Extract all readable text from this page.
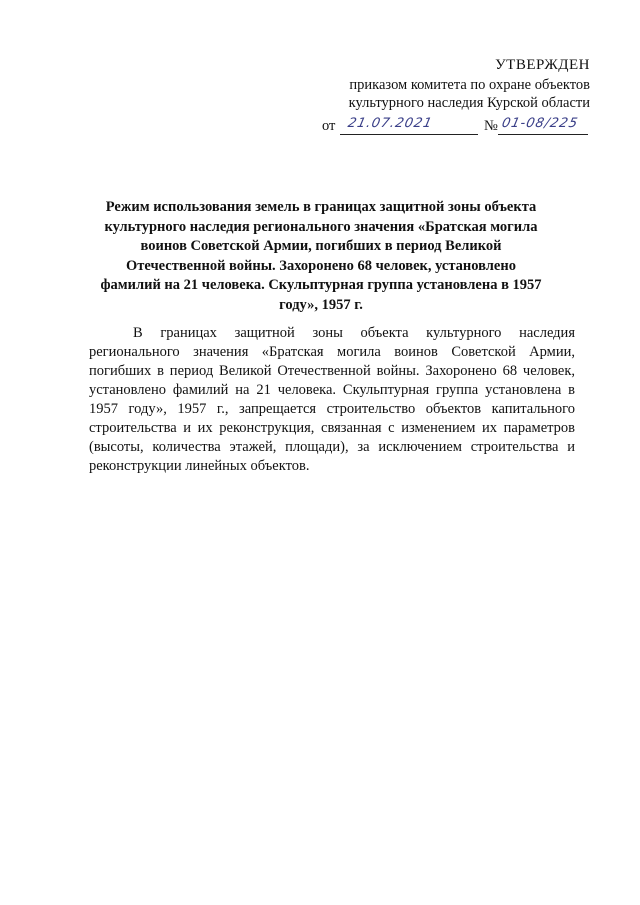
УТВЕРЖДЕН
приказом комитета по охране объектов
культурного наследия Курской области
от 21.07.2021	№ 01-08/225
Режим использования земель в границах защитной зоны объекта культурного наследия регионального значения «Братская могила воинов Советской Армии, погибших в период Великой Отечественной войны. Захоронено 68 человек, установлено фамилий на 21 человека. Скульптурная группа установлена в 1957 году», 1957 г.
В границах защитной зоны объекта культурного наследия регионального значения «Братская могила воинов Советской Армии, погибших в период Великой Отечественной войны. Захоронено 68 человек, установлено фамилий на 21 человека. Скульптурная группа установлена в 1957 году», 1957 г., запрещается строительство объектов капитального строительства и их реконструкция, связанная с изменением их параметров (высоты, количества этажей, площади), за исключением строительства и реконструкции линейных объектов.
